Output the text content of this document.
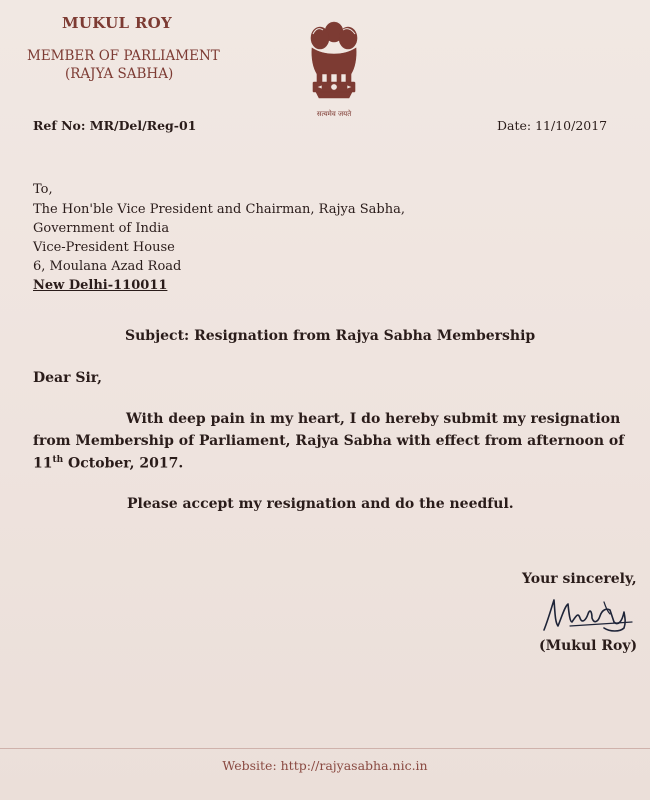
MUKUL ROY
MEMBER OF PARLIAMENT
(RAJYA SABHA)
सत्यमेव जयते
Ref No: MR/Del/Reg-01	Date: 11/10/2017
To,
The Hon'ble Vice President and Chairman, Rajya Sabha,
Government of India
Vice-President House
6, Moulana Azad Road
New Delhi-110011
Subject: Resignation from Rajya Sabha Membership
Dear Sir,
With deep pain in my heart, I do hereby submit my resignation
from Membership of Parliament, Rajya Sabha with effect from afternoon of
11th October, 2017.
Please accept my resignation and do the needful.
Your sincerely,
(Mukul Roy)
Website: http://rajyasabha.nic.in
